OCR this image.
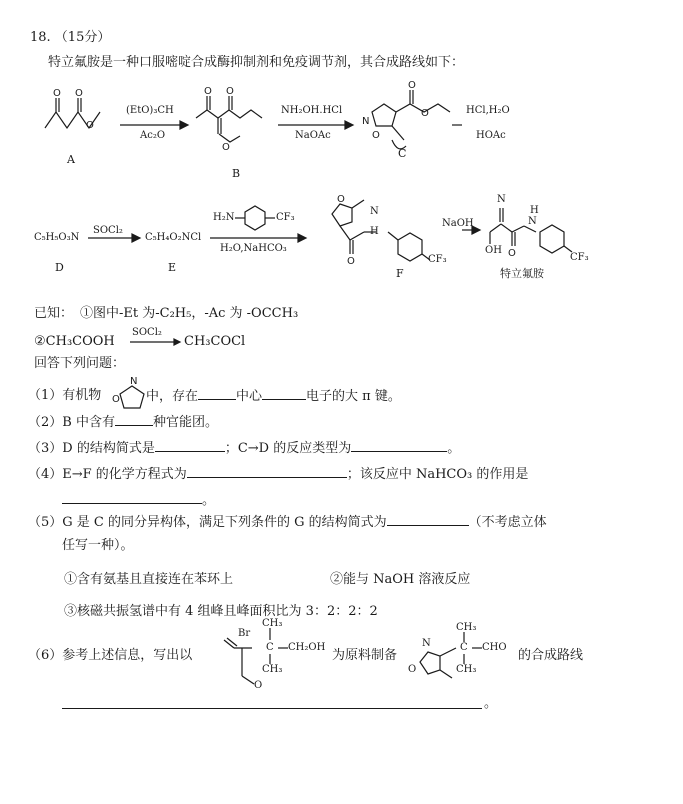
18. （15分）
特立氟胺是一种口服嘧啶合成酶抑制剂和免疫调节剂，其合成路线如下：
O O
O
O O
O
N
O
O
O
(EtO)₃CH
Ac₂O
NH₂OH.HCl
NaOAc
HCl,H₂O
HOAc
A
B
C
O
O
O
C₅H₅O₃N
SOCl₂
C₅H₄O₂NCl
H₂N	CF₃
H₂O,NaHCO₃
N
H
CF₃
NaOH
N
OH
N
H
CF₃
D	E	F	特立氟胺
已知： ①图中-Et 为-C₂H₅，-Ac 为 -OCCH₃
②CH₃COOH
SOCl₂
CH₃COCl
回答下列问题：
（1）有机物 O
N
中，存在	中心	电子的大 π 键。
（2）B 中含有	种官能团。
（3）D 的结构简式是	；C→D 的反应类型为	。
（4）E→F 的化学方程式为	；该反应中 NaHCO₃ 的作用是
。
（5）G 是 C 的同分异构体，满足下列条件的 G 的结构简式为	（不考虑立体
任写一种）。
①含有氨基且直接连在苯环上	②能与 NaOH 溶液反应
③核磁共振氢谱中有 4 组峰且峰面积比为 3：2：2：2
（6）参考上述信息，写出以
Br
CH₃
C CH₂OH
CH₃
O
为原料制备
O
N
CH₃
C CHO
CH₃
的合成路线
。
